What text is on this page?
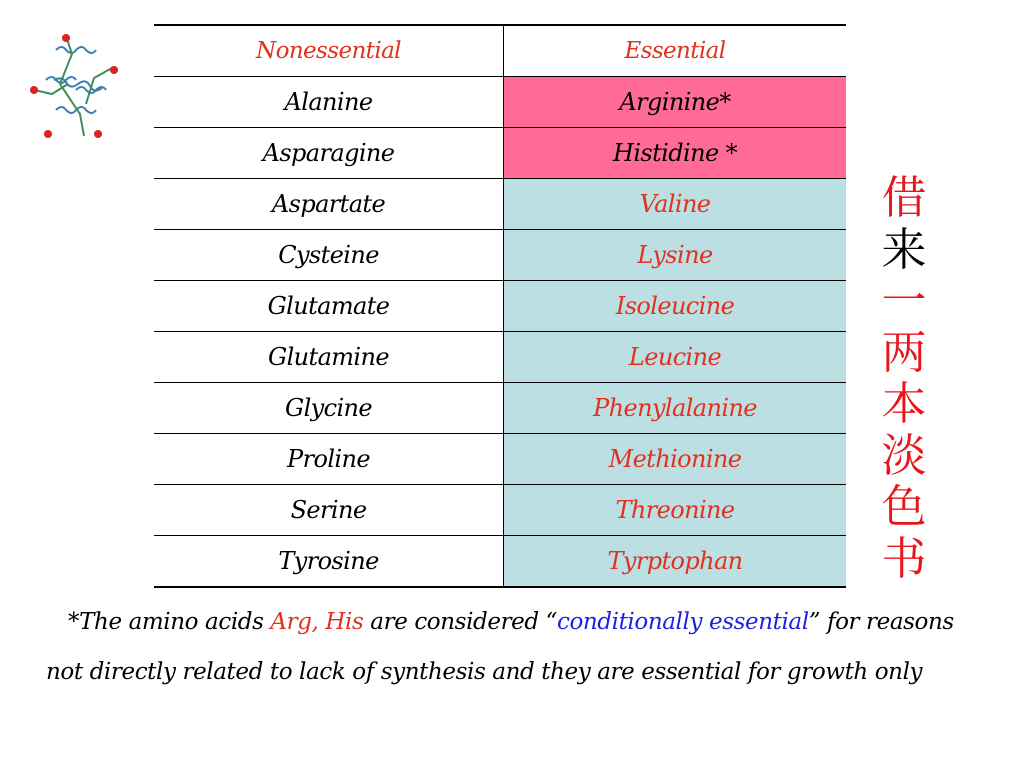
Nonessential	Essential
Alanine	Arginine*
Asparagine	Histidine *
Aspartate	Valine
Cysteine	Lysine
Glutamate	Isoleucine
Glutamine	Leucine
Glycine	Phenylalanine
Proline	Methionine
Serine	Threonine
Tyrosine	Tyrptophan
借
来
一
两
本
淡
色
书
*The amino acids Arg, His are considered “conditionally essential” for reasons not directly related to lack of synthesis and they are essential for growth only
